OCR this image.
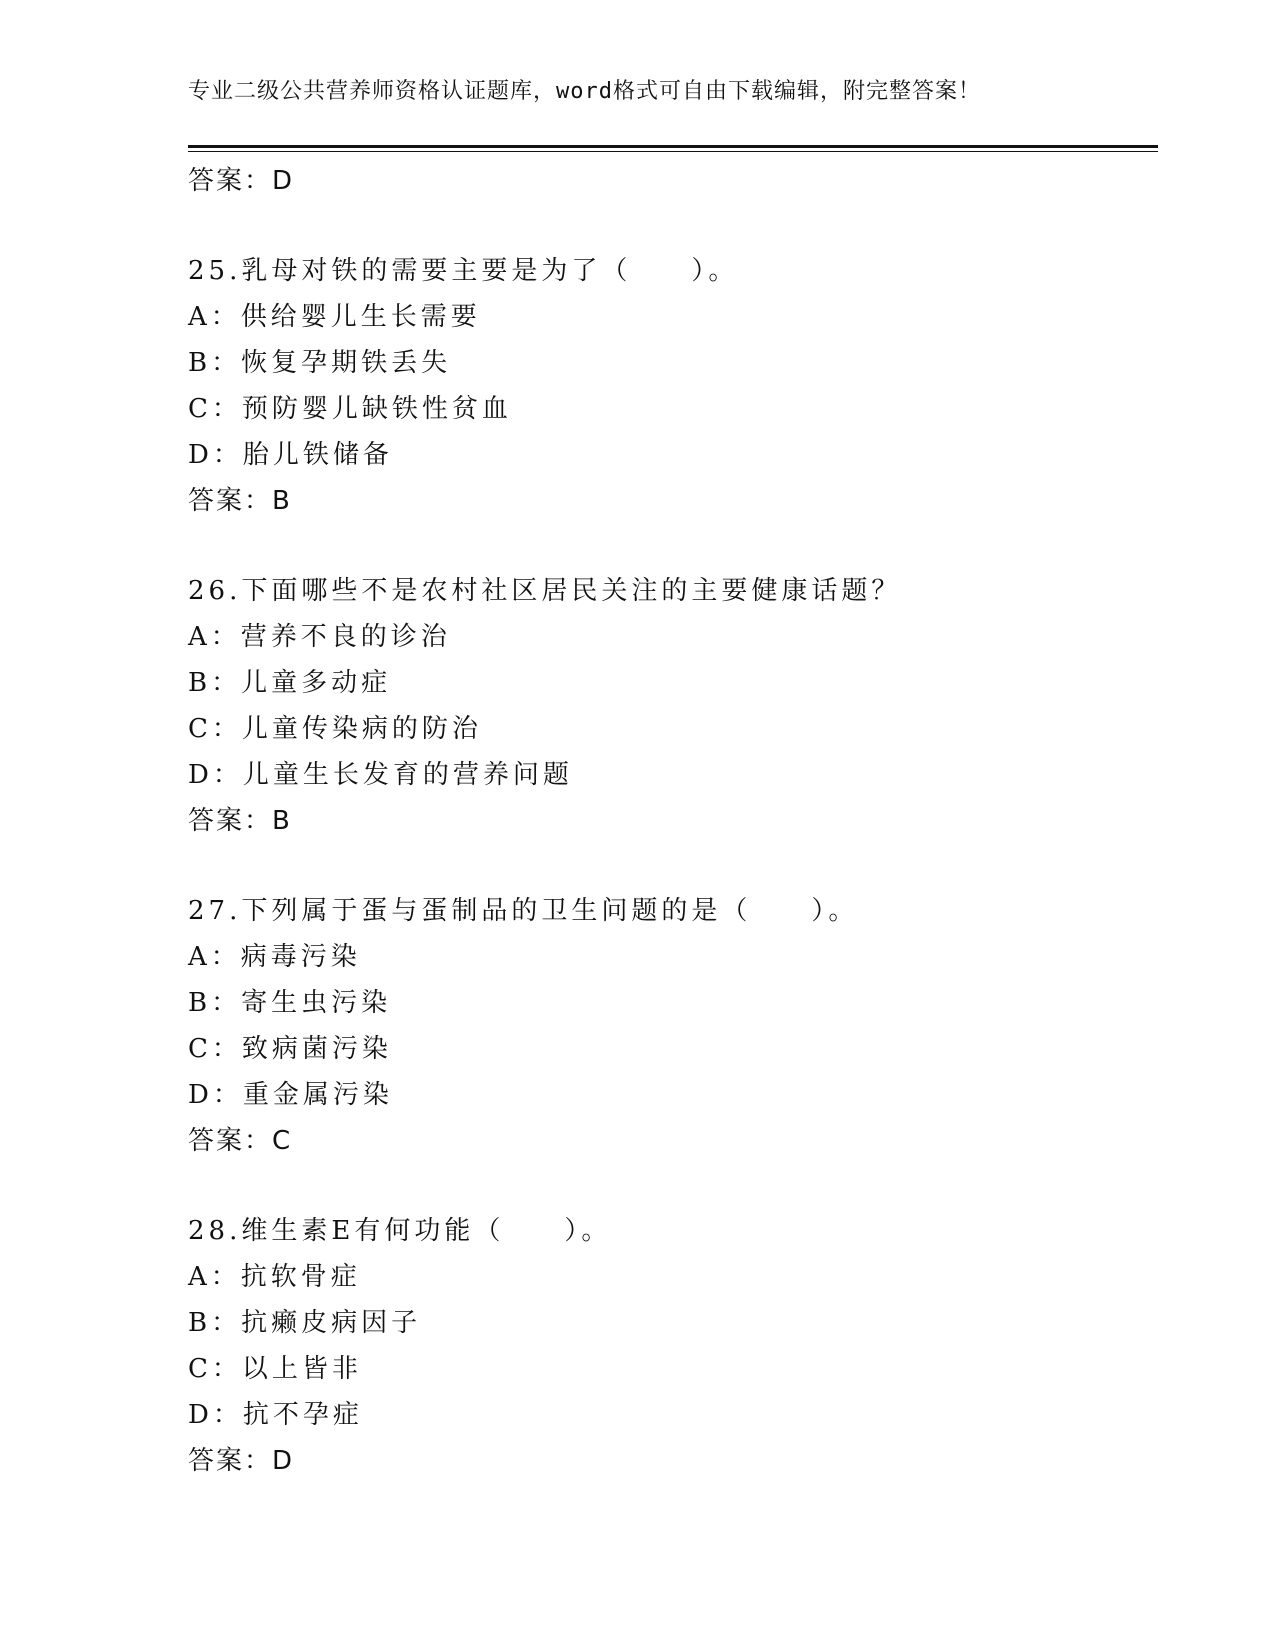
专业二级公共营养师资格认证题库，word格式可自由下载编辑，附完整答案！
答案：D
25.乳母对铁的需要主要是为了（　　）。
A：供给婴儿生长需要
B：恢复孕期铁丢失
C：预防婴儿缺铁性贫血
D：胎儿铁储备
答案：B
26.下面哪些不是农村社区居民关注的主要健康话题？
A：营养不良的诊治
B：儿童多动症
C：儿童传染病的防治
D：儿童生长发育的营养问题
答案：B
27.下列属于蛋与蛋制品的卫生问题的是（　　）。
A：病毒污染
B：寄生虫污染
C：致病菌污染
D：重金属污染
答案：C
28.维生素E有何功能（　　）。
A：抗软骨症
B：抗癞皮病因子
C：以上皆非
D：抗不孕症
答案：D
